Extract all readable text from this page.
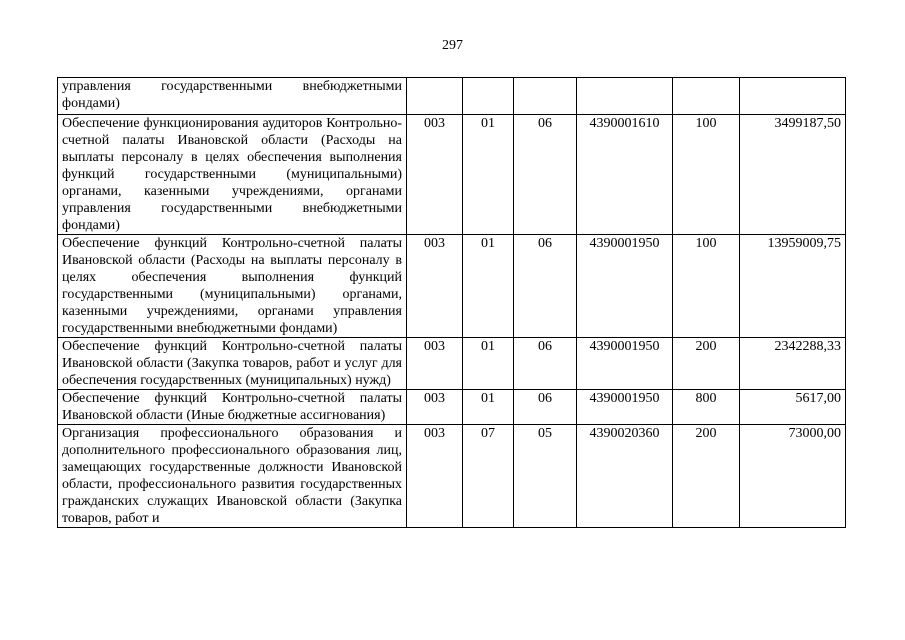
297
управления государственными внебюджетными фондами)						
Обеспечение функционирования аудиторов Контрольно-счетной палаты Ивановской области (Расходы на выплаты персоналу в целях обеспечения выполнения функций государственными (муниципальными) органами, казенными учреждениями, органами управления государственными внебюджетными фондами)	003	01	06	4390001610	100	3499187,50
Обеспечение функций Контрольно-счетной палаты Ивановской области (Расходы на выплаты персоналу в целях обеспечения выполнения функций государственными (муниципальными) органами, казенными учреждениями, органами управления государственными внебюджетными фондами)	003	01	06	4390001950	100	13959009,75
Обеспечение функций Контрольно-счетной палаты Ивановской области (Закупка товаров, работ и услуг для обеспечения государственных (муниципальных) нужд)	003	01	06	4390001950	200	2342288,33
Обеспечение функций Контрольно-счетной палаты Ивановской области (Иные бюджетные ассигнования)	003	01	06	4390001950	800	5617,00
Организация профессионального образования и дополнительного профессионального образования лиц, замещающих государственные должности Ивановской области, профессионального развития государственных гражданских служащих Ивановской области (Закупка товаров, работ и	003	07	05	4390020360	200	73000,00
